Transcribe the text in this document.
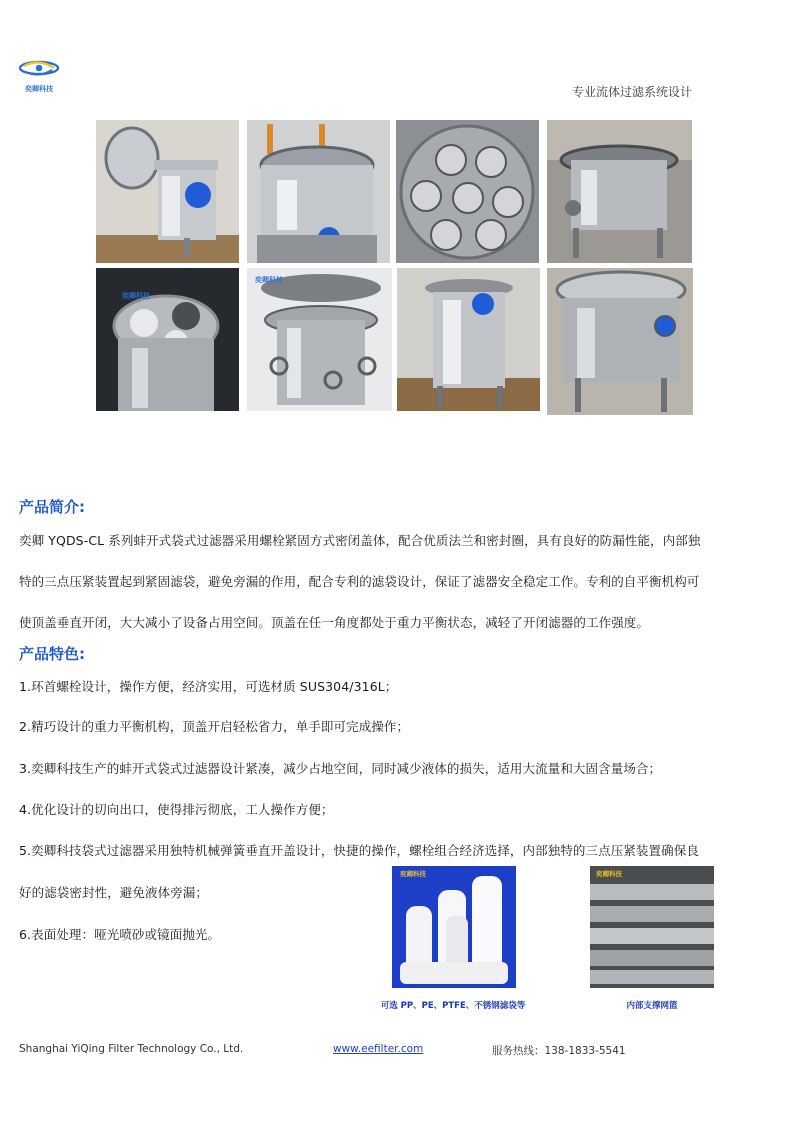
奕卿科技	专业流体过滤系统设计
奕卿科技
奕卿科技
产品简介:
奕卿 YQDS-CL 系列蚌开式袋式过滤器采用螺栓紧固方式密闭盖体，配合优质法兰和密封圈，具有良好的防漏性能，内部独
特的三点压紧装置起到紧固滤袋，避免旁漏的作用，配合专利的滤袋设计，保证了滤器安全稳定工作。专利的自平衡机构可
使顶盖垂直开闭，大大减小了设备占用空间。顶盖在任一角度都处于重力平衡状态，减轻了开闭滤器的工作强度。
产品特色:
1.环首螺栓设计，操作方便，经济实用，可选材质 SUS304/316L；
2.精巧设计的重力平衡机构，顶盖开启轻松省力，单手即可完成操作；
3.奕卿科技生产的蚌开式袋式过滤器设计紧凑，减少占地空间，同时减少液体的损失，适用大流量和大固含量场合；
4.优化设计的切向出口，使得排污彻底，工人操作方便；
5.奕卿科技袋式过滤器采用独特机械弹簧垂直开盖设计，快捷的操作，螺栓组合经济选择，内部独特的三点压紧装置确保良
好的滤袋密封性，避免液体旁漏；
6.表面处理：哑光喷砂或镜面抛光。
奕卿科技
可选 PP、PE、PTFE、不锈钢滤袋等
奕卿科技
内部支撑网篮
Shanghai YiQing Filter Technology Co., Ltd.	www.eefilter.com	服务热线：138-1833-5541
